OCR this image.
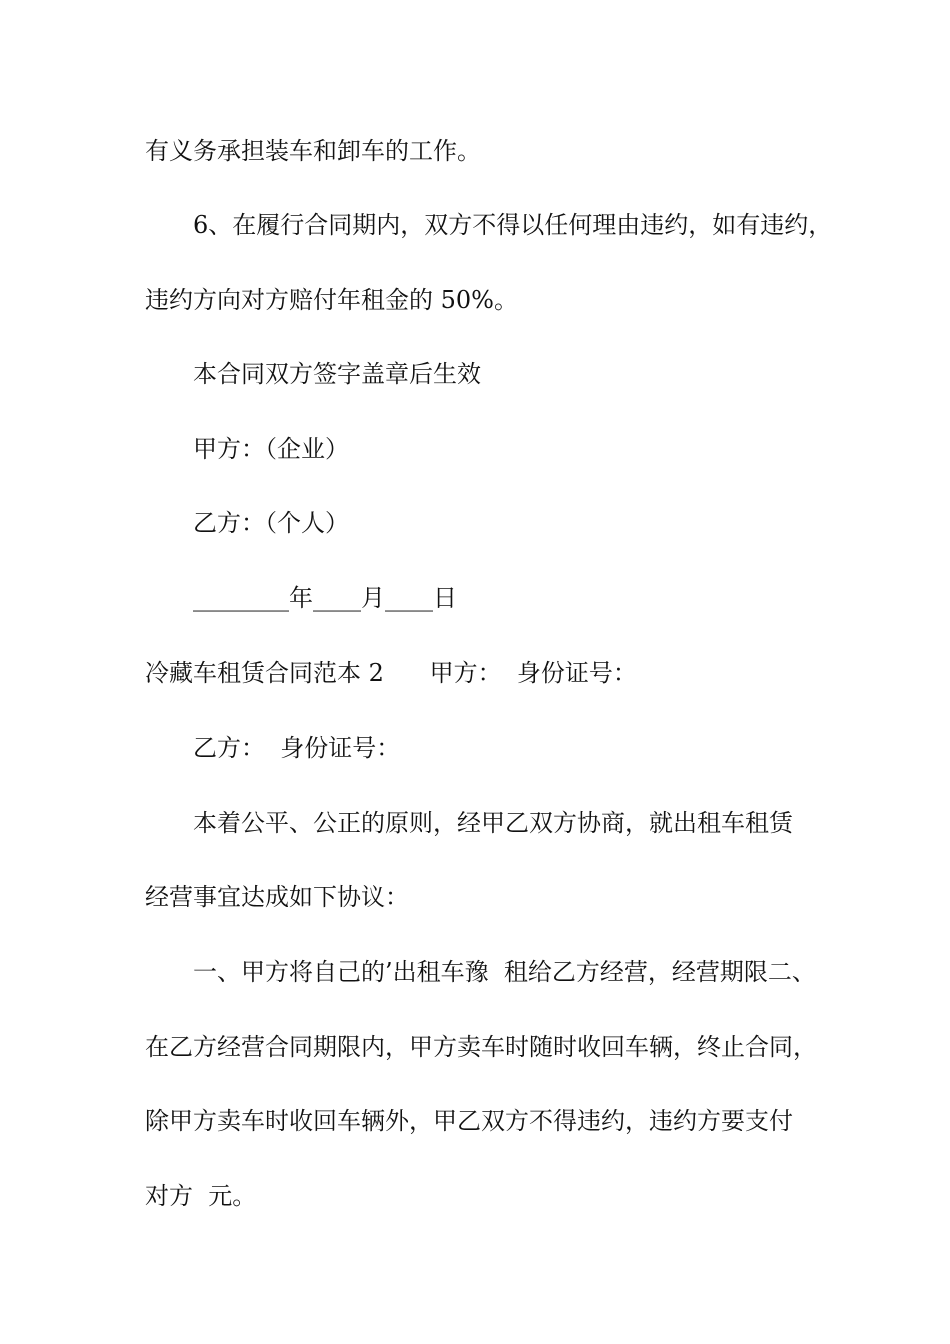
有义务承担装车和卸车的工作。
6、在履行合同期内，双方不得以任何理由违约，如有违约，
违约方向对方赔付年租金的 50%。
本合同双方签字盖章后生效
甲方：（企业）
乙方：（个人）
________年____月____日
冷藏车租赁合同范本 2      甲方：  身份证号：
乙方：  身份证号：
本着公平、公正的原则，经甲乙双方协商，就出租车租赁
经营事宜达成如下协议：
一、甲方将自己的’出租车豫  租给乙方经营，经营期限二、
在乙方经营合同期限内，甲方卖车时随时收回车辆，终止合同，
除甲方卖车时收回车辆外，甲乙双方不得违约，违约方要支付
对方  元。
